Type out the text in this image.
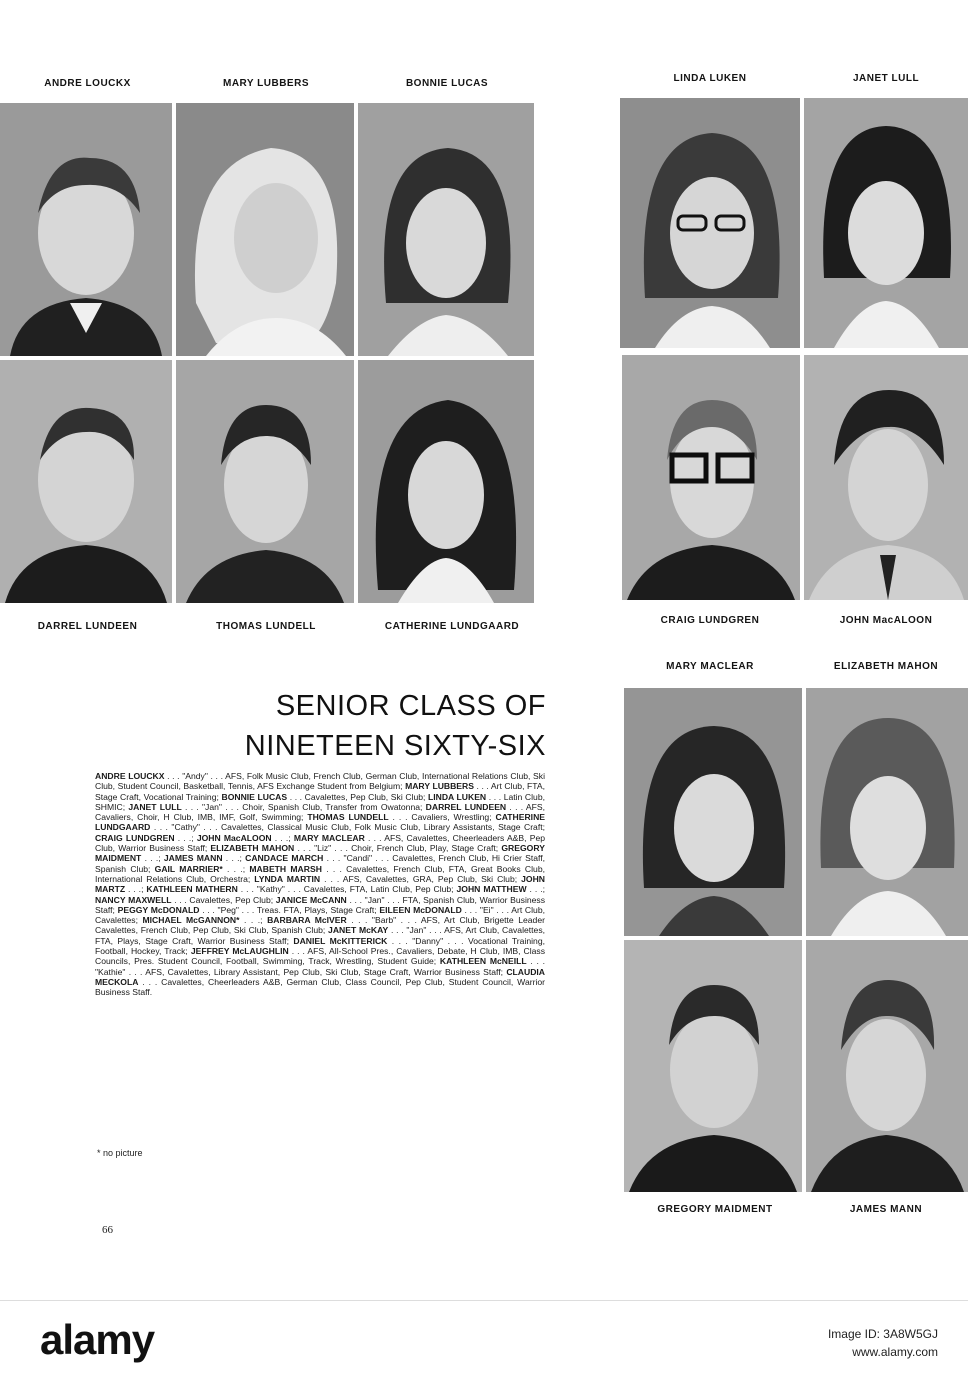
ANDRE LOUCKX	MARY LUBBERS	BONNIE LUCAS	LINDA LUKEN	JANET LULL
CRAIG LUNDGREN	JOHN MacALOON
DARREL LUNDEEN	THOMAS LUNDELL	CATHERINE LUNDGAARD
MARY MACLEAR	ELIZABETH MAHON
GREGORY MAIDMENT	JAMES MANN
SENIOR CLASS OF
NINETEEN SIXTY-SIX
ANDRE LOUCKX . . . "Andy" . . . AFS, Folk Music Club, French Club, German Club, International Relations Club, Ski Club, Student Council, Basketball, Tennis, AFS Exchange Student from Belgium; MARY LUBBERS . . . Art Club, FTA, Stage Craft, Vocational Training; BONNIE LUCAS . . . Cavalettes, Pep Club, Ski Club; LINDA LUKEN . . . Latin Club, SHMIC; JANET LULL . . . "Jan" . . . Choir, Spanish Club, Transfer from Owatonna; DARREL LUNDEEN . . . AFS, Cavaliers, Choir, H Club, IMB, IMF, Golf, Swimming; THOMAS LUNDELL . . . Cavaliers, Wrestling; CATHERINE LUNDGAARD . . . "Cathy" . . . Cavalettes, Classical Music Club, Folk Music Club, Library Assistants, Stage Craft; CRAIG LUNDGREN . . .; JOHN MacALOON . . .; MARY MACLEAR . . . AFS, Cavalettes, Cheerleaders A&B, Pep Club, Warrior Business Staff; ELIZABETH MAHON . . . "Liz" . . . Choir, French Club, Play, Stage Craft; GREGORY MAIDMENT . . .; JAMES MANN . . .; CANDACE MARCH . . . "Candi" . . . Cavalettes, French Club, Hi Crier Staff, Spanish Club; GAIL MARRIER* . . .; MABETH MARSH . . . Cavalettes, French Club, FTA, Great Books Club, International Relations Club, Orchestra; LYNDA MARTIN . . . AFS, Cavalettes, GRA, Pep Club, Ski Club; JOHN MARTZ . . .; KATHLEEN MATHERN . . . "Kathy" . . . Cavalettes, FTA, Latin Club, Pep Club; JOHN MATTHEW . . .; NANCY MAXWELL . . . Cavalettes, Pep Club; JANICE McCANN . . . "Jan" . . . FTA, Spanish Club, Warrior Business Staff; PEGGY McDONALD . . . "Peg" . . . Treas. FTA, Plays, Stage Craft; EILEEN McDONALD . . . "Ei" . . . Art Club, Cavalettes; MICHAEL McGANNON* . . .; BARBARA McIVER . . . "Barb" . . . AFS, Art Club, Brigette Leader Cavalettes, French Club, Pep Club, Ski Club, Spanish Club; JANET McKAY . . . "Jan" . . . AFS, Art Club, Cavalettes, FTA, Plays, Stage Craft, Warrior Business Staff; DANIEL McKITTERICK . . . "Danny" . . . Vocational Training, Football, Hockey, Track; JEFFREY McLAUGHLIN . . . AFS, All-School Pres., Cavaliers, Debate, H Club, IMB, Class Councils, Pres. Student Council, Football, Swimming, Track, Wrestling, Student Guide; KATHLEEN McNEILL . . . "Kathie" . . . AFS, Cavalettes, Library Assistant, Pep Club, Ski Club, Stage Craft, Warrior Business Staff; CLAUDIA MECKOLA . . . Cavalettes, Cheerleaders A&B, German Club, Class Council, Pep Club, Student Council, Warrior Business Staff.
* no picture
66
alamy	Image ID: 3A8W5GJ
www.alamy.com
